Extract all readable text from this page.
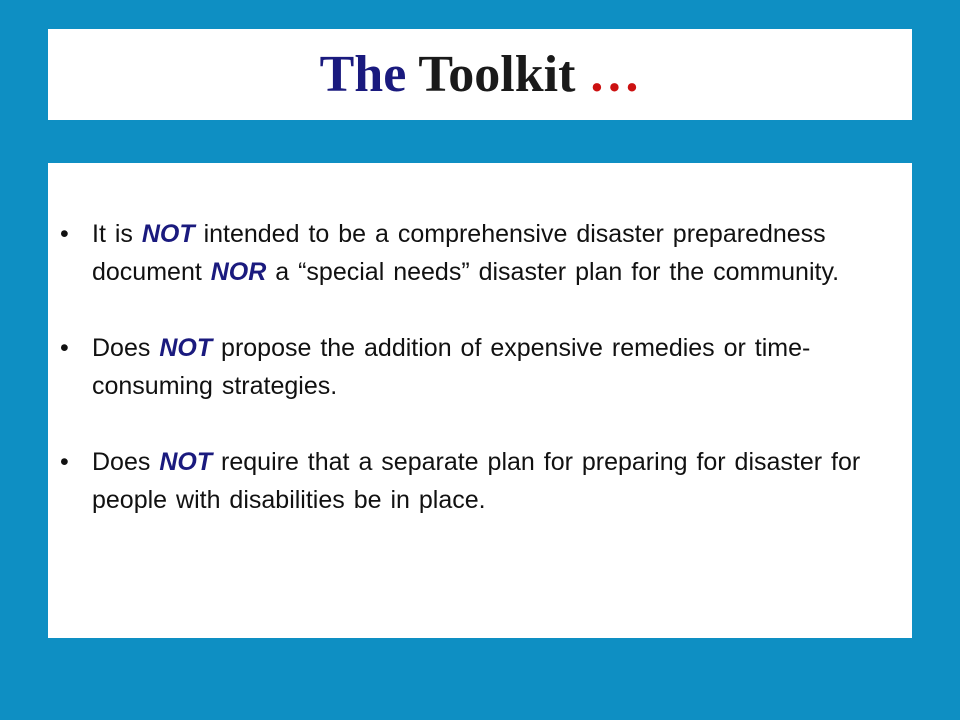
The Toolkit …
• It is NOT intended to be a comprehensive disaster preparedness document NOR a “special needs” disaster plan for the community.
• Does NOT propose the addition of expensive remedies or time-consuming strategies.
• Does NOT require that a separate plan for preparing for disaster for people with disabilities be in place.
